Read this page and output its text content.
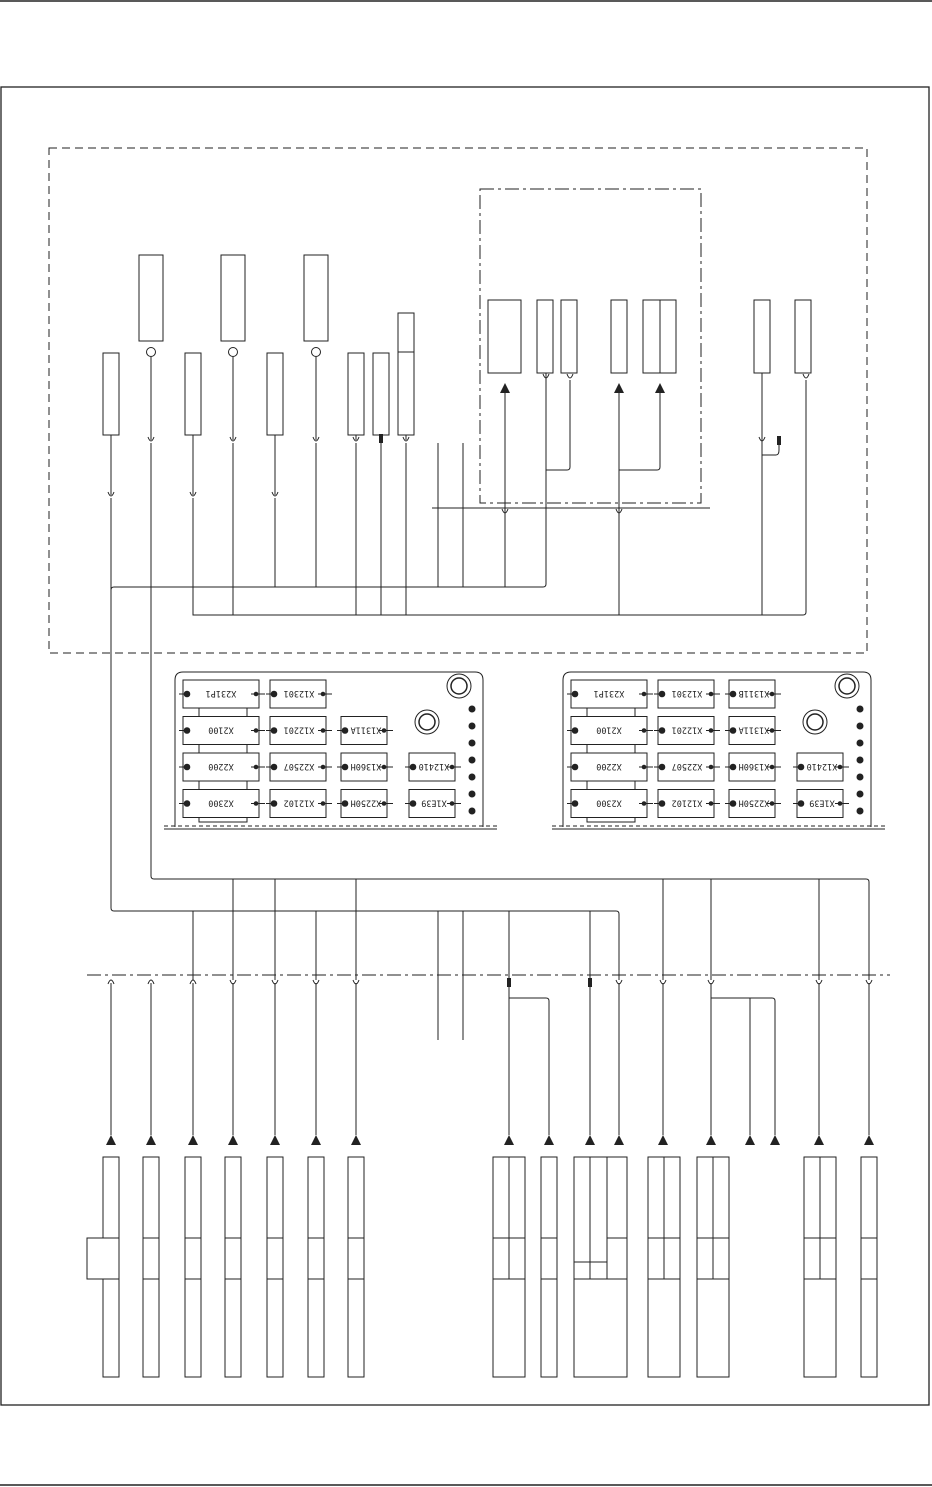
X231P1
X2100
X2200
X2300
X12301
X12201
X22507
X12102
X1311A
X1360H
X2250H
X12410
X1E39
X231P1
X2100
X2200
X2300
X12301
X12201
X22507
X12102
X1311B
X1311A
X1360H
X2250H
X12410
X1E39
